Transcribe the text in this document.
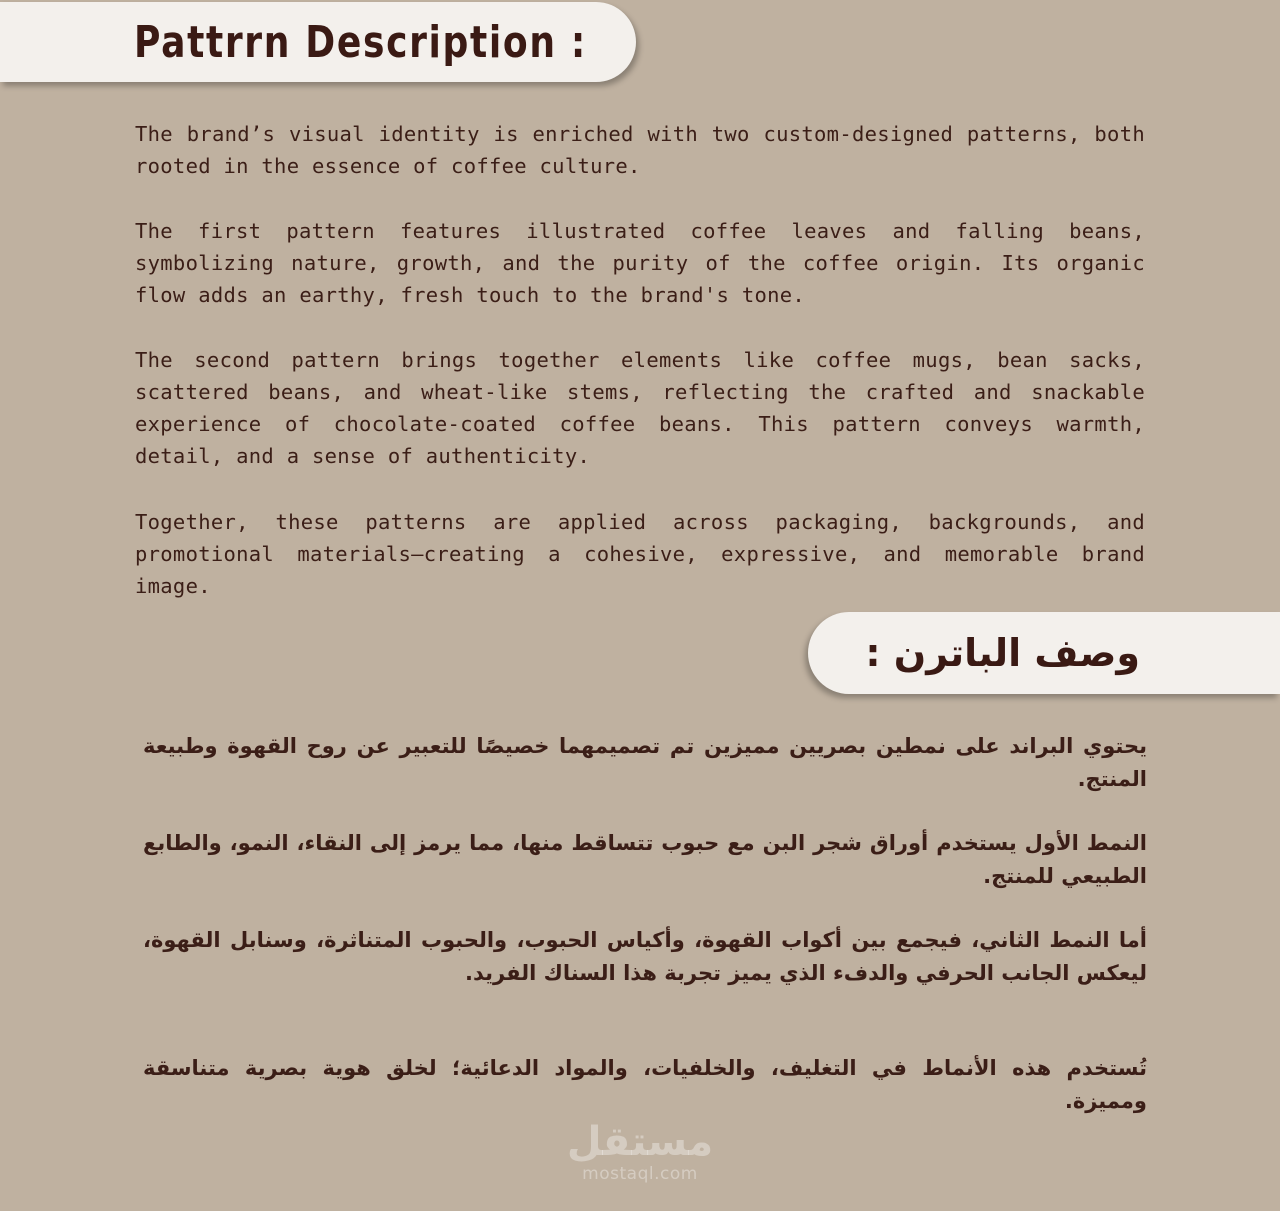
Pattrrn Description :

The brand’s visual identity is enriched with two custom-designed patterns, both rooted in the essence of coffee culture.

The first pattern features illustrated coffee leaves and falling beans, symbolizing nature, growth, and the purity of the coffee origin. Its organic flow adds an earthy, fresh touch to the brand's tone.

The second pattern brings together elements like coffee mugs, bean sacks, scattered beans, and wheat-like stems, reflecting the crafted and snackable experience of chocolate-coated coffee beans. This pattern conveys warmth, detail, and a sense of authenticity.

Together, these patterns are applied across packaging, backgrounds, and promotional materials—creating a cohesive, expressive, and memorable brand image.

وصف الباترن :

يحتوي البراند على نمطين بصريين مميزين تم تصميمهما خصيصًا للتعبير عن روح القهوة وطبيعة المنتج.

النمط الأول يستخدم أوراق شجر البن مع حبوب تتساقط منها، مما يرمز إلى النقاء، النمو، والطابع الطبيعي للمنتج.

أما النمط الثاني، فيجمع بين أكواب القهوة، وأكياس الحبوب، والحبوب المتناثرة، وسنابل القهوة، ليعكس الجانب الحرفي والدفء الذي يميز تجربة هذا السناك الفريد.

تُستخدم هذه الأنماط في التغليف، والخلفيات، والمواد الدعائية؛ لخلق هوية بصرية متناسقة ومميزة.

مستقل
mostaql.com
